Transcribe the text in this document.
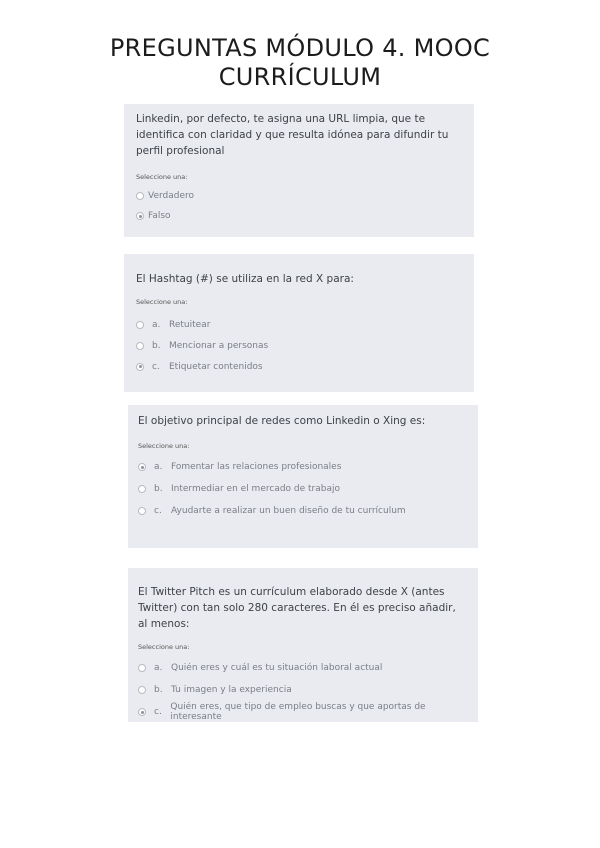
PREGUNTAS MÓDULO 4. MOOC
CURRÍCULUM

Linkedin, por defecto, te asigna una URL limpia, que te identifica con claridad y que resulta idónea para difundir tu perfil profesional

Seleccione una:
Verdadero
Falso

El Hashtag (#) se utiliza en la red X para:

Seleccione una:
a. Retuitear
b. Mencionar a personas
c.	Etiquetar contenidos

El objetivo principal de redes como Linkedin o Xing es:

Seleccione una:
a. Fomentar las relaciones profesionales
b. Intermediar en el mercado de trabajo
c.	Ayudarte a realizar un buen diseño de tu currículum

El Twitter Pitch es un currículum elaborado desde X (antes Twitter) con tan solo 280 caracteres. En él es preciso añadir, al menos:

Seleccione una:
a. Quién eres y cuál es tu situación laboral actual
b. Tu imagen y la experiencia
c. Quién eres, que tipo de empleo buscas y que aportas de interesante
